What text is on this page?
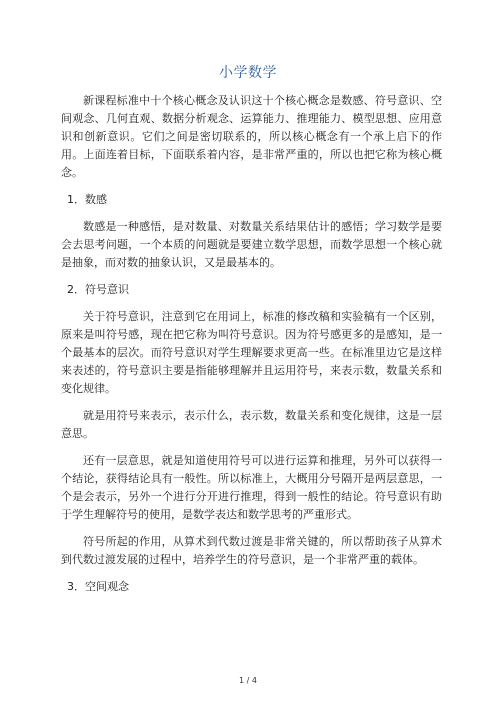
小学数学

新课程标准中十个核心概念及认识这十个核心概念是数感、符号意识、空间观念、几何直观、数据分析观念、运算能力、推理能力、模型思想、应用意识和创新意识。它们之间是密切联系的，所以核心概念有一个承上启下的作用。上面连着目标，下面联系着内容，是非常严重的，所以也把它称为核心概念。

1．数感

数感是一种感悟，是对数量、对数量关系结果估计的感悟；学习数学是要会去思考问题，一个本质的问题就是要建立数学思想，而数学思想一个核心就是抽象，而对数的抽象认识，又是最基本的。

2．符号意识

关于符号意识，注意到它在用词上，标准的修改稿和实验稿有一个区别，原来是叫符号感，现在把它称为叫符号意识。因为符号感更多的是感知，是一个最基本的层次。而符号意识对学生理解要求更高一些。在标准里边它是这样来表述的，符号意识主要是指能够理解并且运用符号，来表示数，数量关系和变化规律。

就是用符号来表示，表示什么，表示数，数量关系和变化规律，这是一层意思。

还有一层意思，就是知道使用符号可以进行运算和推理，另外可以获得一个结论，获得结论具有一般性。所以标准上，大概用分号隔开是两层意思，一个是会表示，另外一个进行分开进行推理，得到一般性的结论。符号意识有助于学生理解符号的使用，是数学表达和数学思考的严重形式。

符号所起的作用，从算术到代数过渡是非常关键的，所以帮助孩子从算术到代数过渡发展的过程中，培养学生的符号意识，是一个非常严重的载体。

3．空间观念

1 / 4
